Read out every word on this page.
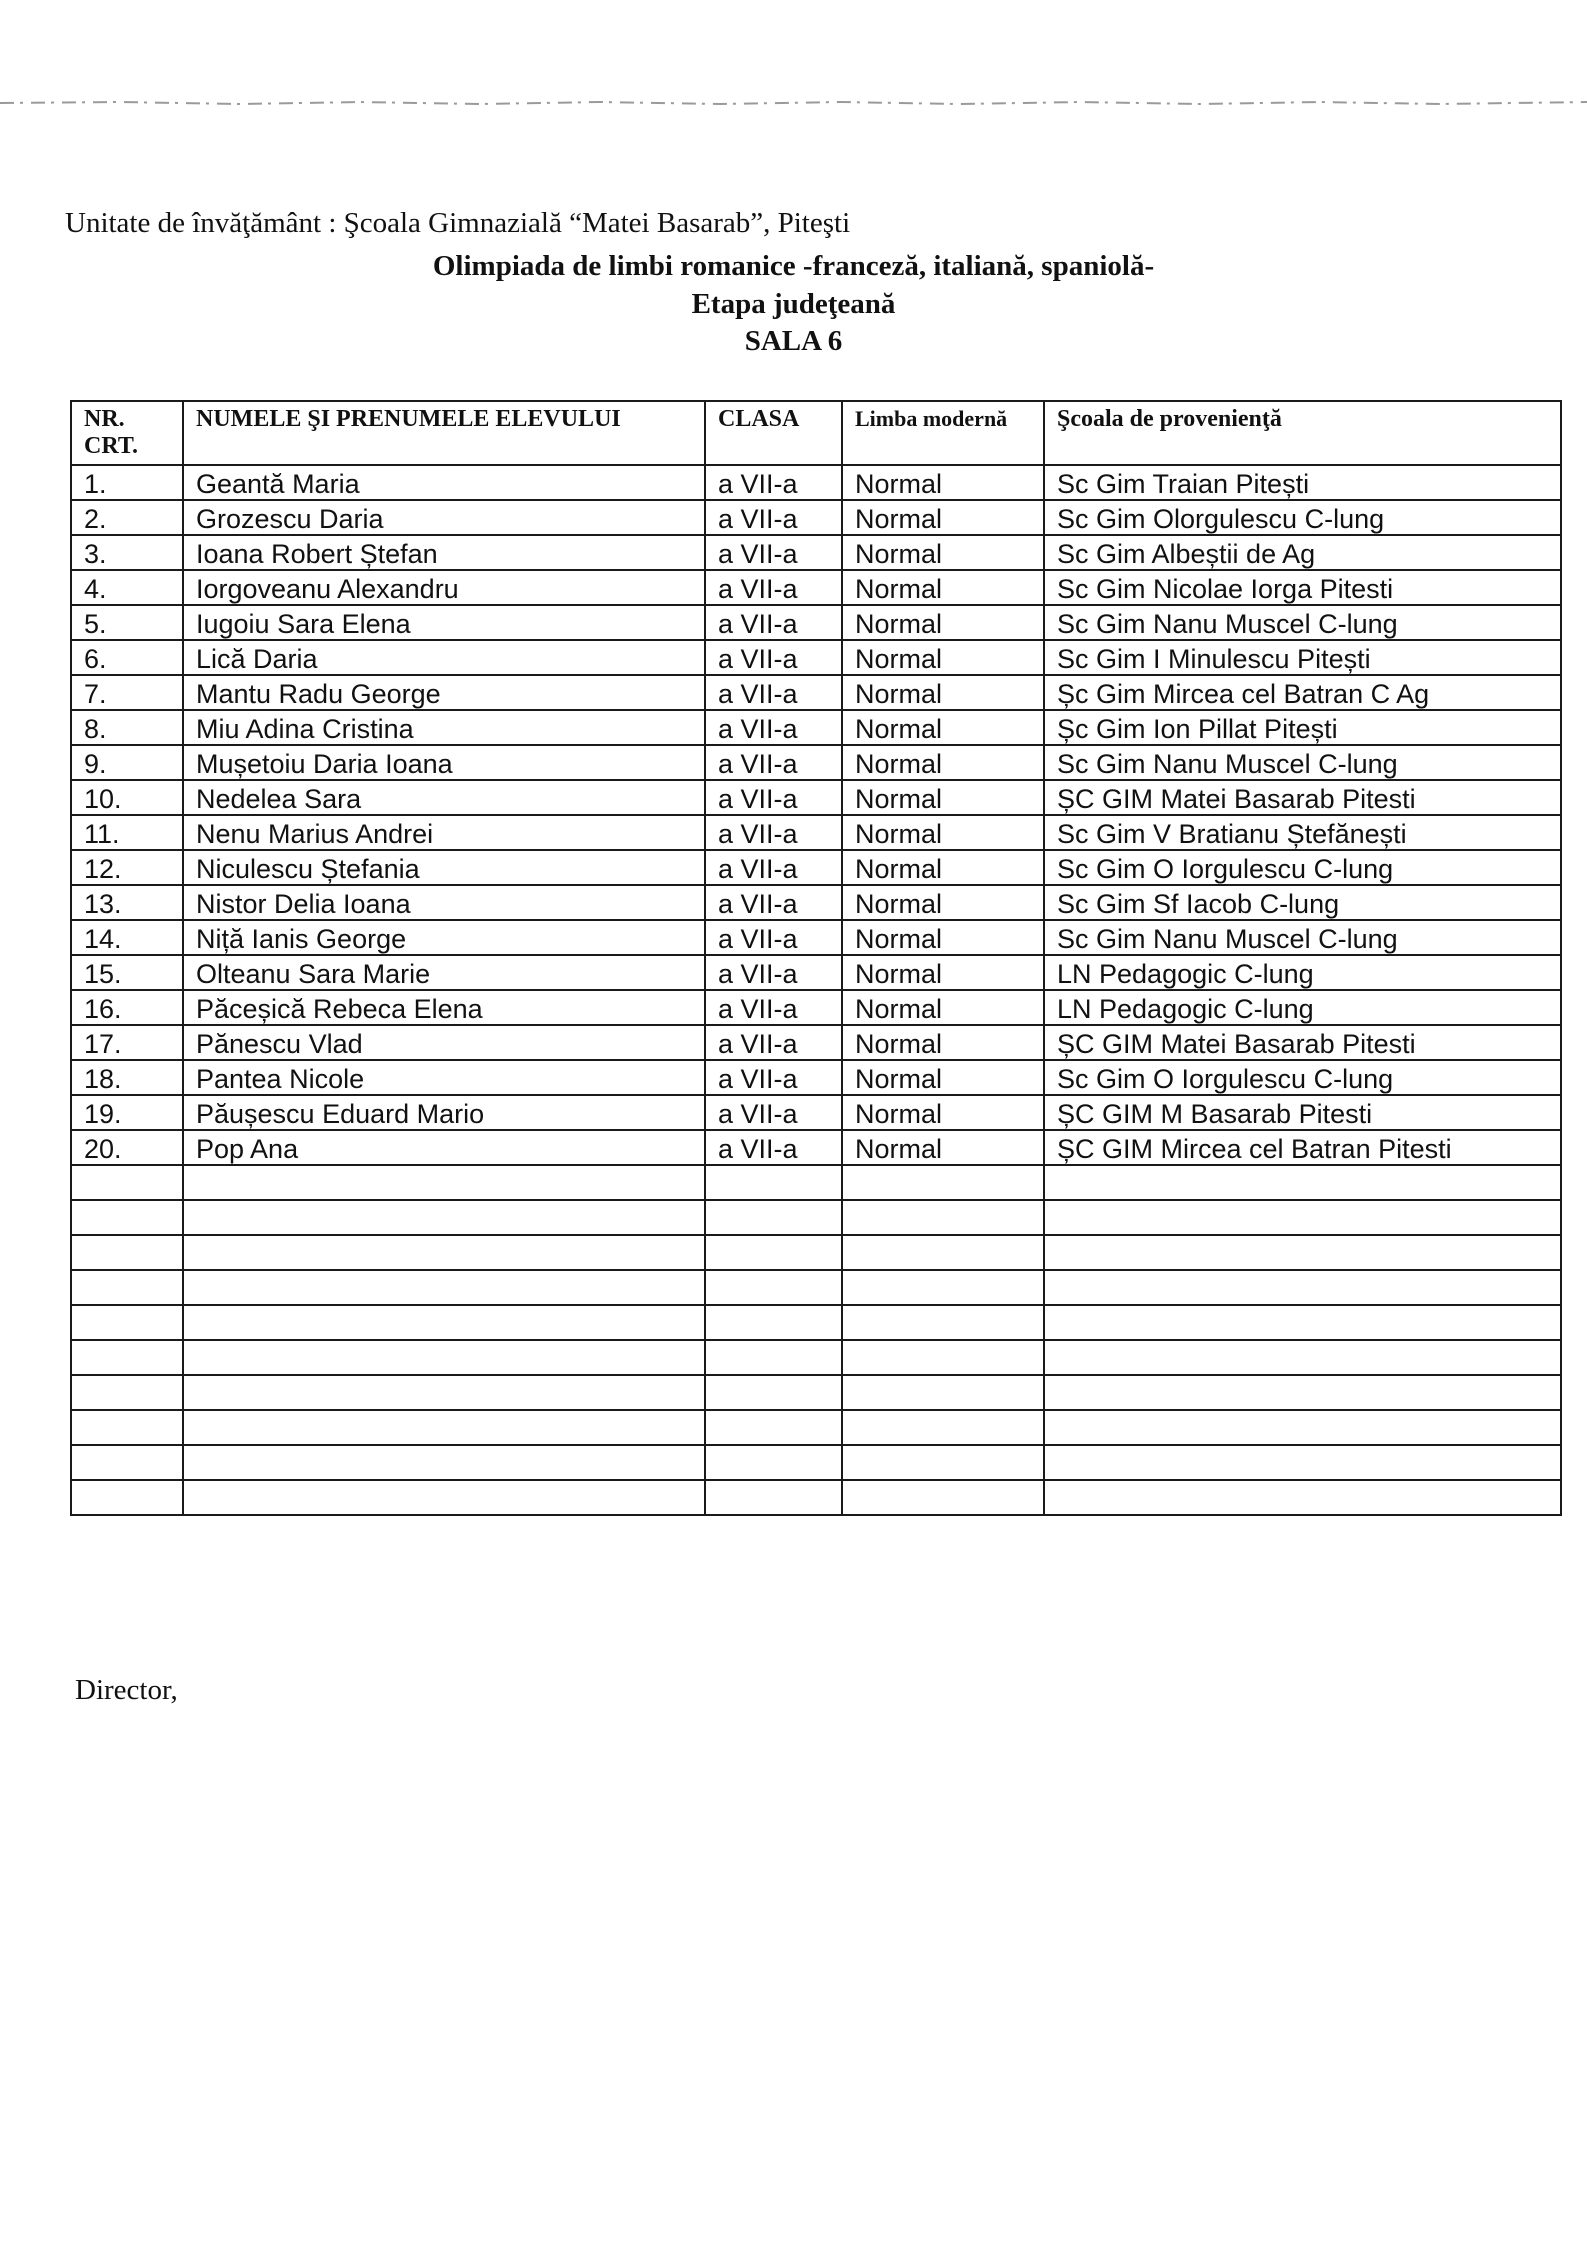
Unitate de învăţământ : Şcoala Gimnazială “Matei Basarab”, Piteşti
Olimpiada de limbi romanice -franceză, italiană, spaniolă-
Etapa judeţeană
SALA 6
NR. CRT.	NUMELE ŞI PRENUMELE ELEVULUI	CLASA	Limba modernă	Şcoala de provenienţă
1.	Geantă Maria	a VII-a	Normal	Sc Gim Traian Pitești
2.	Grozescu Daria	a VII-a	Normal	Sc Gim Olorgulescu C-lung
3.	Ioana Robert Ștefan	a VII-a	Normal	Sc Gim Albeștii de Ag
4.	Iorgoveanu Alexandru	a VII-a	Normal	Sc Gim Nicolae Iorga Pitesti
5.	Iugoiu Sara Elena	a VII-a	Normal	Sc Gim Nanu Muscel C-lung
6.	Lică Daria	a VII-a	Normal	Sc Gim I Minulescu Pitești
7.	Mantu Radu George	a VII-a	Normal	Șc Gim Mircea cel Batran C Ag
8.	Miu Adina Cristina	a VII-a	Normal	Șc Gim Ion Pillat Pitești
9.	Mușetoiu Daria Ioana	a VII-a	Normal	Sc Gim Nanu Muscel C-lung
10.	Nedelea Sara	a VII-a	Normal	ȘC GIM Matei Basarab Pitesti
11.	Nenu Marius Andrei	a VII-a	Normal	Sc Gim V Bratianu Ștefănești
12.	Niculescu Ștefania	a VII-a	Normal	Sc Gim O Iorgulescu C-lung
13.	Nistor Delia Ioana	a VII-a	Normal	Sc Gim Sf Iacob C-lung
14.	Niță Ianis George	a VII-a	Normal	Sc Gim Nanu Muscel C-lung
15.	Olteanu Sara Marie	a VII-a	Normal	LN Pedagogic C-lung
16.	Păceșică Rebeca Elena	a VII-a	Normal	LN Pedagogic C-lung
17.	Pănescu Vlad	a VII-a	Normal	ȘC GIM Matei Basarab Pitesti
18.	Pantea Nicole	a VII-a	Normal	Sc Gim O Iorgulescu C-lung
19.	Păușescu Eduard Mario	a VII-a	Normal	ȘC GIM M Basarab Pitesti
20.	Pop Ana	a VII-a	Normal	ȘC GIM Mircea cel Batran Pitesti

Director,
